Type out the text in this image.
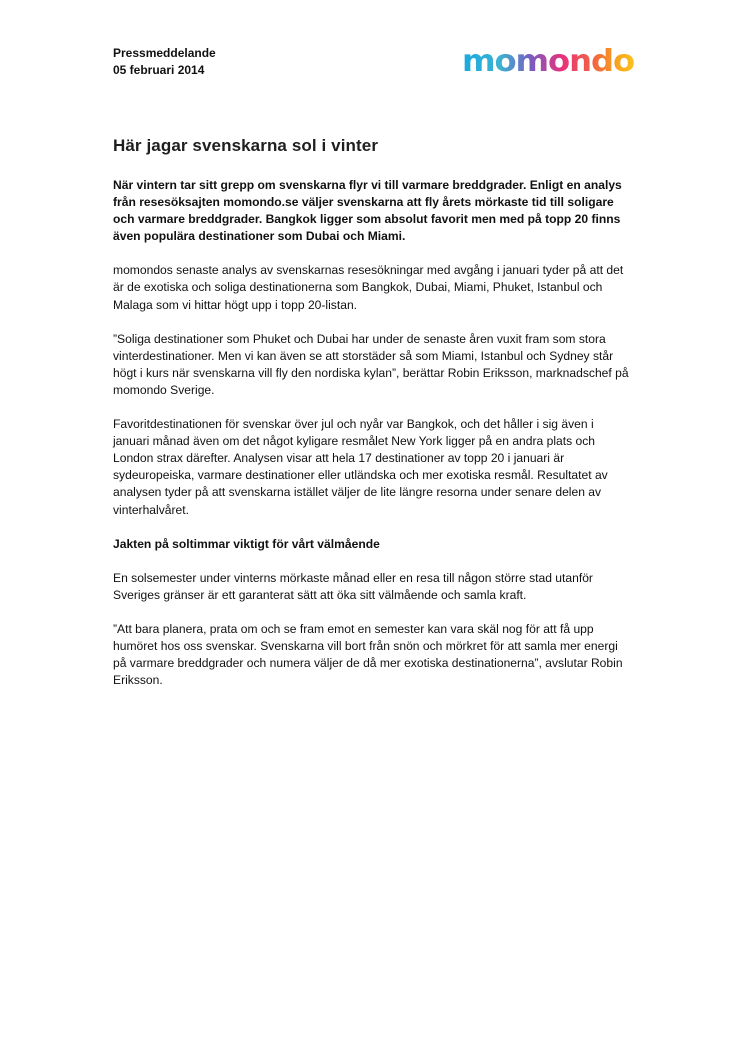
Pressmeddelande
05 februari 2014	momondo
Här jagar svenskarna sol i vinter

När vintern tar sitt grepp om svenskarna flyr vi till varmare breddgrader. Enligt en analys från resesöksajten momondo.se väljer svenskarna att fly årets mörkaste tid till soligare och varmare breddgrader. Bangkok ligger som absolut favorit men med på topp 20 finns även populära destinationer som Dubai och Miami.

momondos senaste analys av svenskarnas resesökningar med avgång i januari tyder på att det är de exotiska och soliga destinationerna som Bangkok, Dubai, Miami, Phuket, Istanbul och Malaga som vi hittar högt upp i topp 20-listan.

”Soliga destinationer som Phuket och Dubai har under de senaste åren vuxit fram som stora vinterdestinationer. Men vi kan även se att storstäder så som Miami, Istanbul och Sydney står högt i kurs när svenskarna vill fly den nordiska kylan”, berättar Robin Eriksson, marknadschef på momondo Sverige.

Favoritdestinationen för svenskar över jul och nyår var Bangkok, och det håller i sig även i januari månad även om det något kyligare resmålet New York ligger på en andra plats och London strax därefter. Analysen visar att hela 17 destinationer av topp 20 i januari är sydeuropeiska, varmare destinationer eller utländska och mer exotiska resmål. Resultatet av analysen tyder på att svenskarna istället väljer de lite längre resorna under senare delen av vinterhalvåret.

Jakten på soltimmar viktigt för vårt välmående

En solsemester under vinterns mörkaste månad eller en resa till någon större stad utanför Sveriges gränser är ett garanterat sätt att öka sitt välmående och samla kraft.

”Att bara planera, prata om och se fram emot en semester kan vara skäl nog för att få upp humöret hos oss svenskar. Svenskarna vill bort från snön och mörkret för att samla mer energi på varmare breddgrader och numera väljer de då mer exotiska destinationerna”, avslutar Robin Eriksson.
